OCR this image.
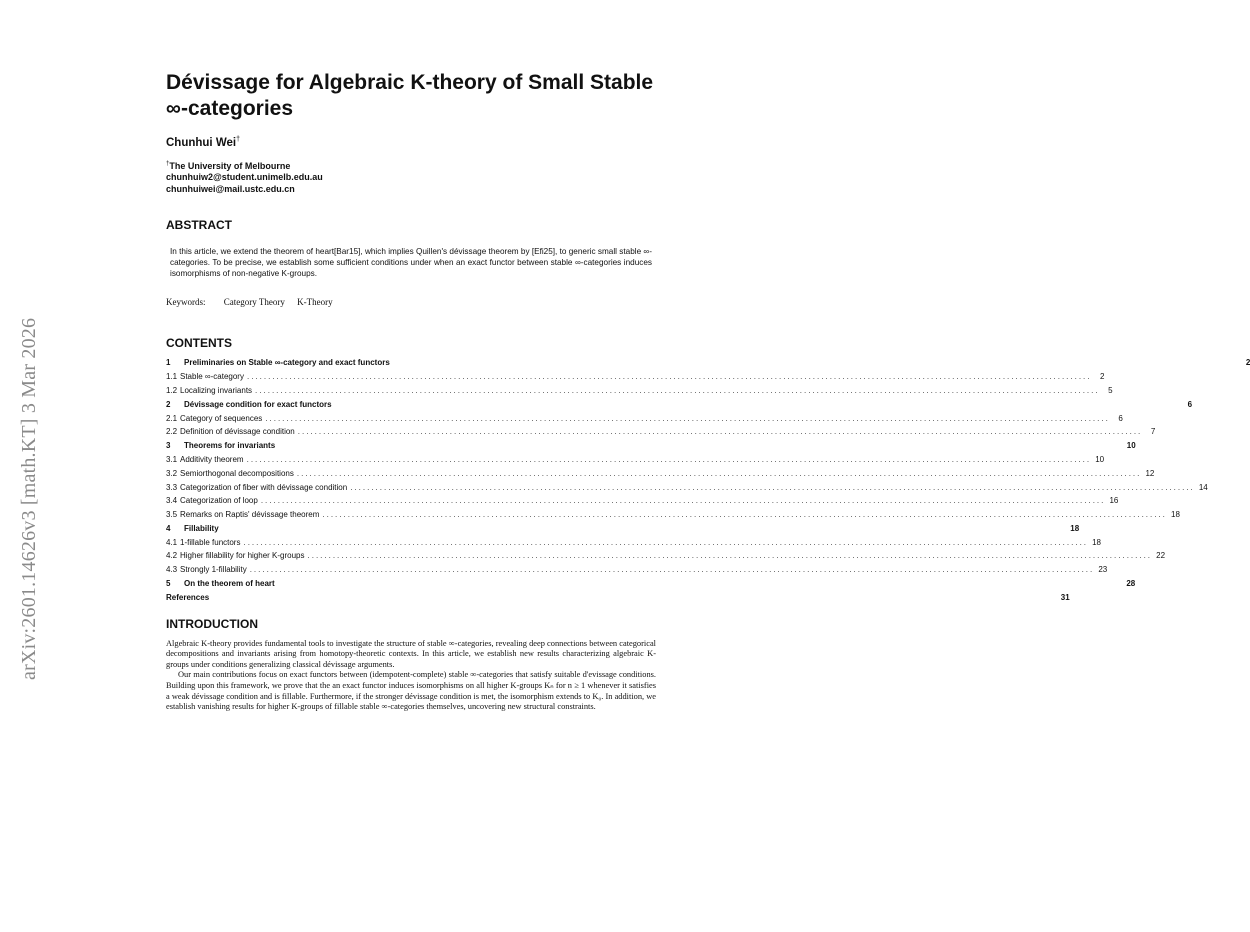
arXiv:2601.14626v3 [math.KT] 3 Mar 2026
Dévissage for Algebraic K-theory of Small Stable ∞-categories
Chunhui Wei†
†The University of Melbourne
chunhuiw2@student.unimelb.edu.au
chunhuiwei@mail.ustc.edu.cn
ABSTRACT
In this article, we extend the theorem of heart[Bar15], which implies Quillen's dévissage theorem by [Efi25], to generic small stable ∞-categories. To be precise, we establish some sufficient conditions under when an exact functor between stable ∞-categories induces isomorphisms of non-negative K-groups.
Keywords: Category Theory K-Theory
CONTENTS
1	Preliminaries on Stable ∞-category and exact functors	2
1.1 Stable ∞-category ........................................................................................................................................................................................................	2
1.2 Localizing invariants ........................................................................................................................................................................................................	5
2	Dévissage condition for exact functors	6
2.1 Category of sequences ........................................................................................................................................................................................................	6
2.2 Definition of dévissage condition ........................................................................................................................................................................................................	7
3	Theorems for invariants	10
3.1 Additivity theorem ........................................................................................................................................................................................................ 10
3.2 Semiorthogonal decompositions ........................................................................................................................................................................................................ 12
3.3 Categorization of fiber with dévissage condition ........................................................................................................................................................................................................ 14
3.4 Categorization of loop ........................................................................................................................................................................................................ 16
3.5 Remarks on Raptis' dévissage theorem ........................................................................................................................................................................................................ 18
4	Fillability	18
4.1 1-fillable functors ........................................................................................................................................................................................................ 18
4.2 Higher fillability for higher K-groups ........................................................................................................................................................................................................ 22
4.3 Strongly 1-fillability ........................................................................................................................................................................................................ 23
5	On the theorem of heart	28
References	31
INTRODUCTION

Algebraic K-theory provides fundamental tools to investigate the structure of stable ∞-categories, revealing deep connections between categorical decompositions and invariants arising from homotopy-theoretic contexts. In this article, we establish new results characterizing algebraic K-groups under conditions generalizing classical dévissage arguments.

Our main contributions focus on exact functors between (idempotent-complete) stable ∞-categories that satisfy suitable d'evissage conditions. Building upon this framework, we prove that the an exact functor induces isomorphisms on all higher K-groups Kₙ for n ≥ 1 whenever it satisfies a weak dévissage condition and is fillable. Furthermore, if the stronger dévissage condition is met, the isomorphism extends to K₀. In addition, we establish vanishing results for higher K-groups of fillable stable ∞-categories themselves, uncovering new structural constraints.
